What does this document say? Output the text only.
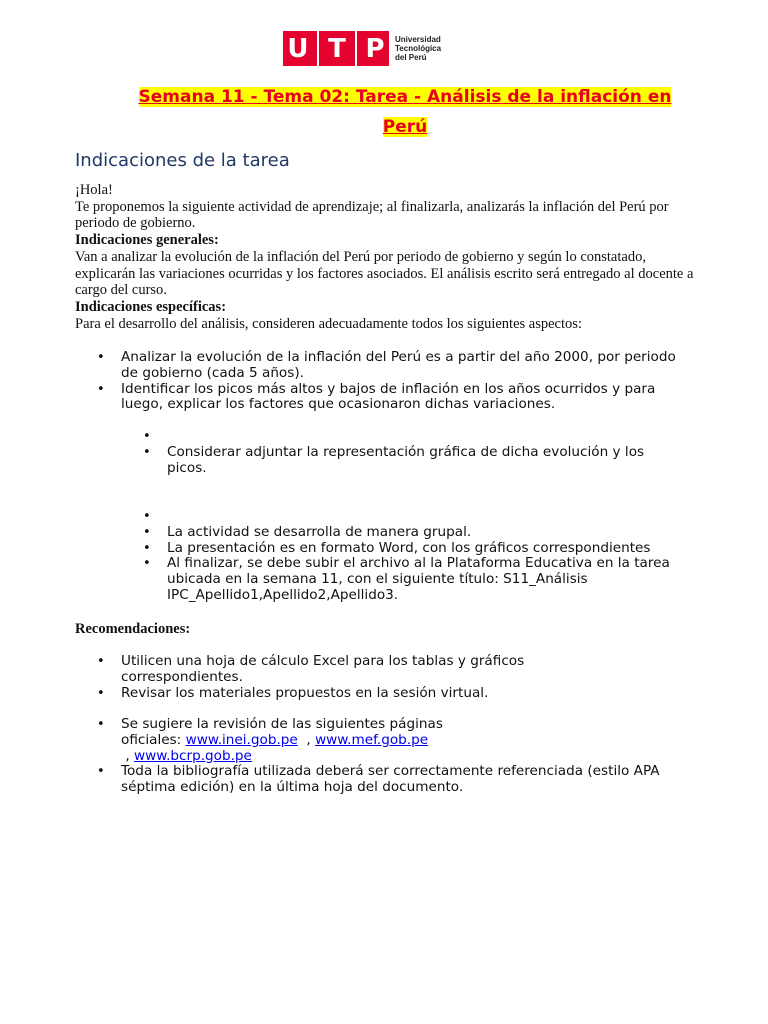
U T P Universidad
Tecnológica
del Perú
Semana 11 - Tema 02: Tarea - Análisis de la inflación en
Perú
Indicaciones de la tarea
¡Hola!
Te proponemos la siguiente actividad de aprendizaje; al finalizarla, analizarás la inflación del Perú por periodo de gobierno.
Indicaciones generales:
Van a analizar la evolución de la inflación del Perú por periodo de gobierno y según lo constatado, explicarán las variaciones ocurridas y los factores asociados. El análisis escrito será entregado al docente a cargo del curso.
Indicaciones específicas:
Para el desarrollo del análisis, consideren adecuadamente todos los siguientes aspectos:
• Analizar la evolución de la inflación del Perú es a partir del año 2000, por periodo de gobierno (cada 5 años).
• Identificar los picos más altos y bajos de inflación en los años ocurridos y para luego, explicar los factores que ocasionaron dichas variaciones.
•

• Considerar adjuntar la representación gráfica de dicha evolución y los picos.
•

• La actividad se desarrolla de manera grupal.
• La presentación es en formato Word, con los gráficos correspondientes
• Al finalizar, se debe subir el archivo al la Plataforma Educativa en la tarea ubicada en la semana 11, con el siguiente título: S11_Análisis IPC_Apellido1,Apellido2,Apellido3.
Recomendaciones:
• Utilicen una hoja de cálculo Excel para los tablas y gráficos correspondientes.
• Revisar los materiales propuestos en la sesión virtual.
• Se sugiere la revisión de las siguientes páginas oficiales: www.inei.gob.pe  , www.mef.gob.pe , www.bcrp.gob.pe
• Toda la bibliografía utilizada deberá ser correctamente referenciada (estilo APA séptima edición) en la última hoja del documento.
